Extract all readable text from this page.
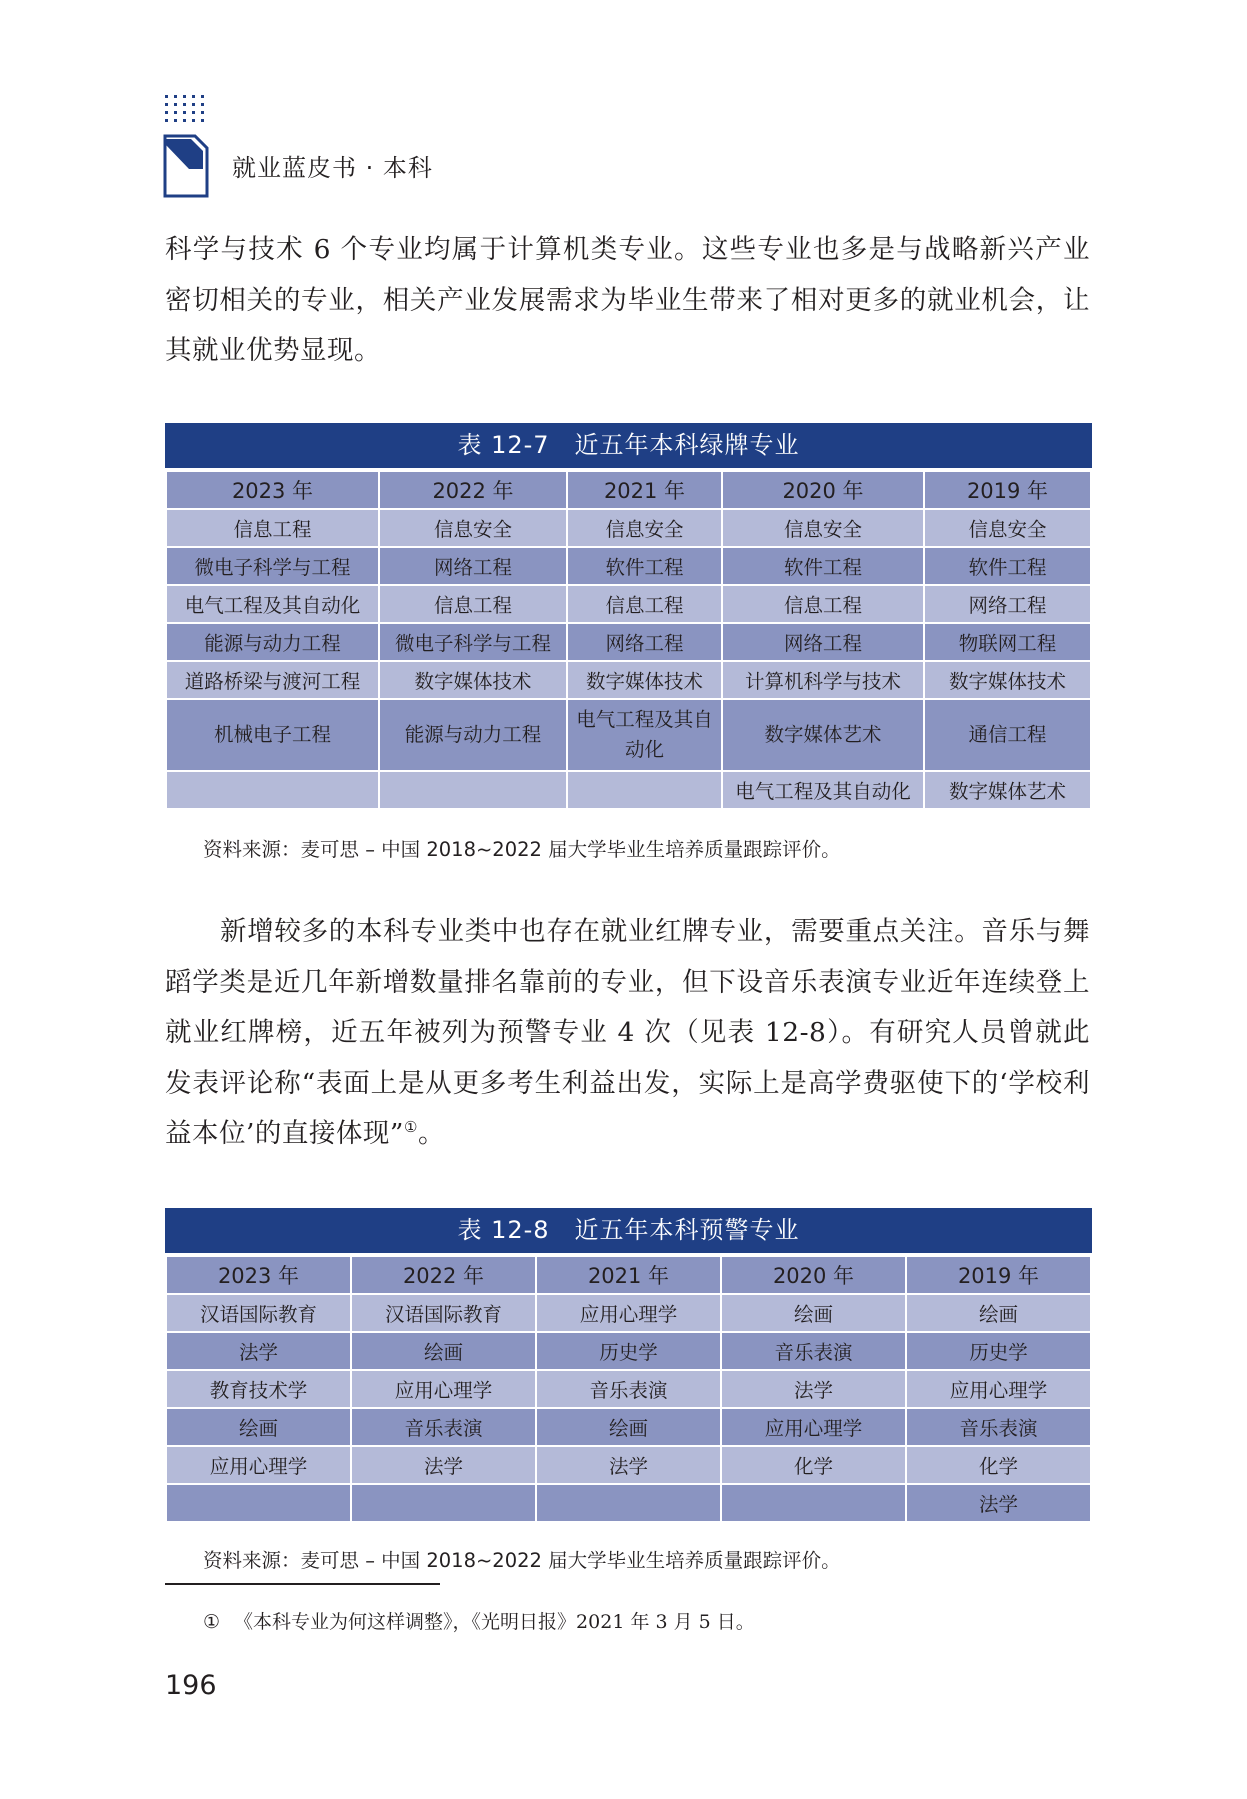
就业蓝皮书 · 本科

科学与技术 6 个专业均属于计算机类专业。这些专业也多是与战略新兴产业密切相关的专业，相关产业发展需求为毕业生带来了相对更多的就业机会，让其就业优势显现。

表 12-7　近五年本科绿牌专业
2023 年	2022 年	2021 年	2020 年	2019 年
信息工程	信息安全	信息安全	信息安全	信息安全
微电子科学与工程	网络工程	软件工程	软件工程	软件工程
电气工程及其自动化	信息工程	信息工程	信息工程	网络工程
能源与动力工程	微电子科学与工程	网络工程	网络工程	物联网工程
道路桥梁与渡河工程	数字媒体技术	数字媒体技术	计算机科学与技术	数字媒体技术
机械电子工程	能源与动力工程	电气工程及其自动化	数字媒体艺术	通信工程
			电气工程及其自动化	数字媒体艺术
资料来源：麦可思 – 中国 2018~2022 届大学毕业生培养质量跟踪评价。

新增较多的本科专业类中也存在就业红牌专业，需要重点关注。音乐与舞蹈学类是近几年新增数量排名靠前的专业，但下设音乐表演专业近年连续登上就业红牌榜，近五年被列为预警专业 4 次（见表 12-8）。有研究人员曾就此发表评论称“表面上是从更多考生利益出发，实际上是高学费驱使下的‘学校利益本位’的直接体现”①。

表 12-8　近五年本科预警专业
2023 年	2022 年	2021 年	2020 年	2019 年
汉语国际教育	汉语国际教育	应用心理学	绘画	绘画
法学	绘画	历史学	音乐表演	历史学
教育技术学	应用心理学	音乐表演	法学	应用心理学
绘画	音乐表演	绘画	应用心理学	音乐表演
应用心理学	法学	法学	化学	化学
				法学
资料来源：麦可思 – 中国 2018~2022 届大学毕业生培养质量跟踪评价。
① 《本科专业为何这样调整》，《光明日报》2021 年 3 月 5 日。
196
